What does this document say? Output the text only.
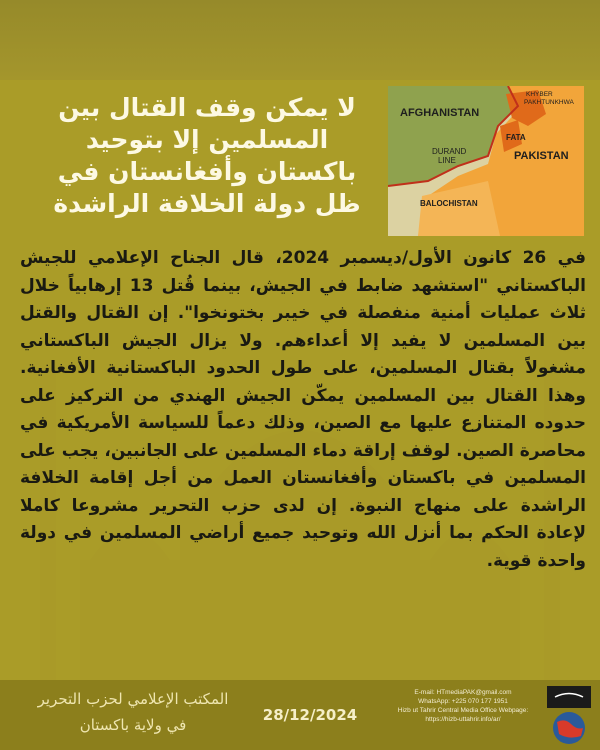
لا يمكن وقف القتال بين المسلمين إلا بتوحيد باكستان وأفغانستان في ظل دولة الخلافة الراشدة
AFGHANISTAN
KHYBER
PAKHTUNKHWA
FATA
DURAND
LINE	PAKISTAN
BALOCHISTAN

في 26 كانون الأول/ديسمبر 2024، قال الجناح الإعلامي للجيش الباكستاني "استشهد ضابط في الجيش، بينما قُتل 13 إرهابياً خلال ثلاث عمليات أمنية منفصلة في خيبر بختونخوا". إن القتال والقتل بين المسلمين لا يفيد إلا أعداءهم. ولا يزال الجيش الباكستاني مشغولاً بقتال المسلمين، على طول الحدود الباكستانية الأفغانية. وهذا القتال بين المسلمين يمكّن الجيش الهندي من التركيز على حدوده المتنازع عليها مع الصين، وذلك دعماً للسياسة الأمريكية في محاصرة الصين. لوقف إراقة دماء المسلمين على الجانبين، يجب على المسلمين في باكستان وأفغانستان العمل من أجل إقامة الخلافة الراشدة على منهاج النبوة. إن لدى حزب التحرير مشروعا كاملا لإعادة الحكم بما أنزل الله وتوحيد جميع أراضي المسلمين في دولة واحدة قوية.

المكتب الإعلامي لحزب التحرير
في ولاية باكستان
28/12/2024
E-mail: HTmediaPAK@gmail.com
WhatsApp: +225 070 177 1951
Hizb ut Tahrir Central Media Office Webpage:
https://hizb-uttahrir.info/ar/
